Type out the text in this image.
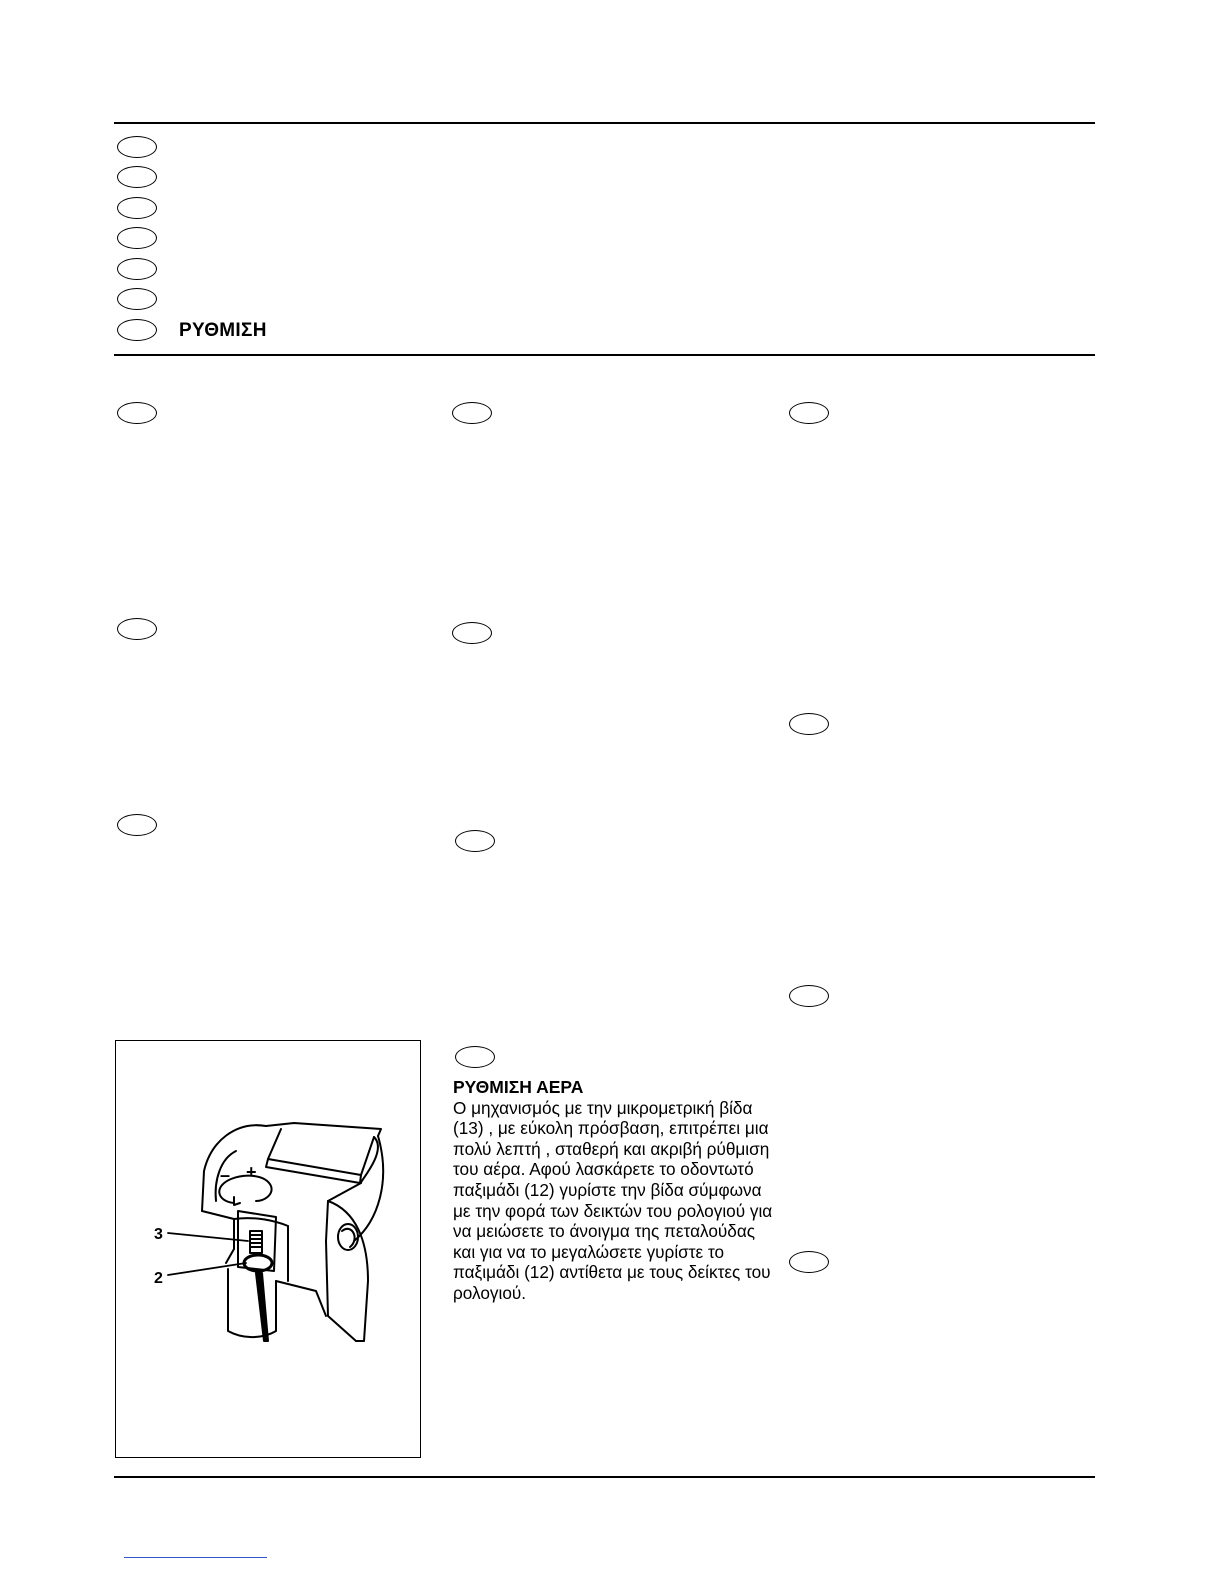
ΡΥΘΜΙΣΗ
3
2
– +
ΡΥΘΜΙΣΗ ΑΕΡΑ

Ο μηχανισμός με την μικρομετρική βίδα (13) , με εύκολη πρόσβαση, επιτρέπει μια πολύ λεπτή , σταθερή και ακριβή ρύθμιση του αέρα. Αφού λασκάρετε το οδοντωτό παξιμάδι (12) γυρίστε την βίδα σύμφωνα με την φορά των δεικτών του ρολογιού για να μειώσετε το άνοιγμα της πεταλούδας και για να το μεγαλώσετε γυρίστε το παξιμάδι (12) αντίθετα με τους δείκτες του ρολογιού.
